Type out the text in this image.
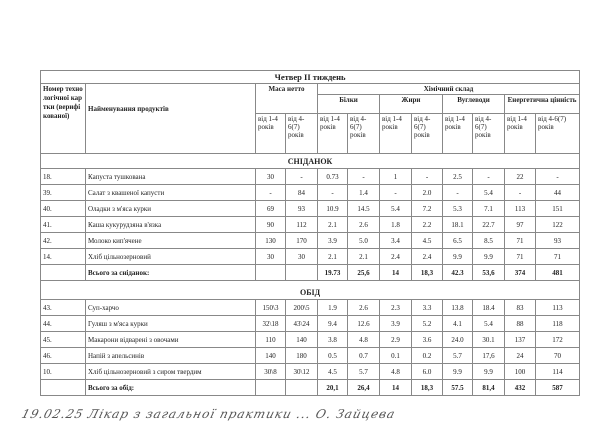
Четвер ІІ тиждень											
Номер технологічної картки (верифікованої)	Найменування продуктів	Маса нетто		Хімічний склад							
				Білки		Жири		Вуглеводи		Енергетична цінність	
		від 1-4 років	від 4-6(7) років	від 1-4 років	від 4-6(7) років	від 1-4 років	від 4-6(7) років	від 1-4 років	від 4-6(7) років	від 1-4 років	від 4-6(7) років
СНІДАНОК											
18.	Капуста тушкована	30	-	0.73	-	1	-	2.5	-	22	-
39.	Салат з квашеної капусти	-	84	-	1.4	-	2.0	-	5.4	-	44
40.	Оладки з м'яса курки	69	93	10.9	14.5	5.4	7.2	5.3	7.1	113	151
41.	Каша кукурудзяна в'язка	90	112	2.1	2.6	1.8	2.2	18.1	22.7	97	122
42.	Молоко кип'ячене	130	170	3.9	5.0	3.4	4.5	6.5	8.5	71	93
14.	Хліб цільнозерновий	30	30	2.1	2.1	2.4	2.4	9.9	9.9	71	71
	Всього за сніданок:			19.73	25,6	14	18,3	42.3	53,6	374	481
ОБІД											
43.	Суп-харчо	150\3	200\5	1.9	2.6	2.3	3.3	13.8	18.4	83	113
44.	Гуляш з м'яса курки	32\18	43\24	9.4	12.6	3.9	5.2	4.1	5.4	88	118
45.	Макарони відварені з овочами	110	140	3.8	4.8	2.9	3.6	24.0	30.1	137	172
46.	Напій з апельсинів	140	180	0.5	0.7	0.1	0.2	5.7	17,6	24	70
10.	Хліб цільнозерновий з сиром твердим	30\8	30\12	4.5	5.7	4.8	6.0	9.9	9.9	100	114
	Всього за обід:			20,1	26,4	14	18,3	57.5	81,4	432	587
19.02.25 Лікар з загальної практики ... О. Зайцева
